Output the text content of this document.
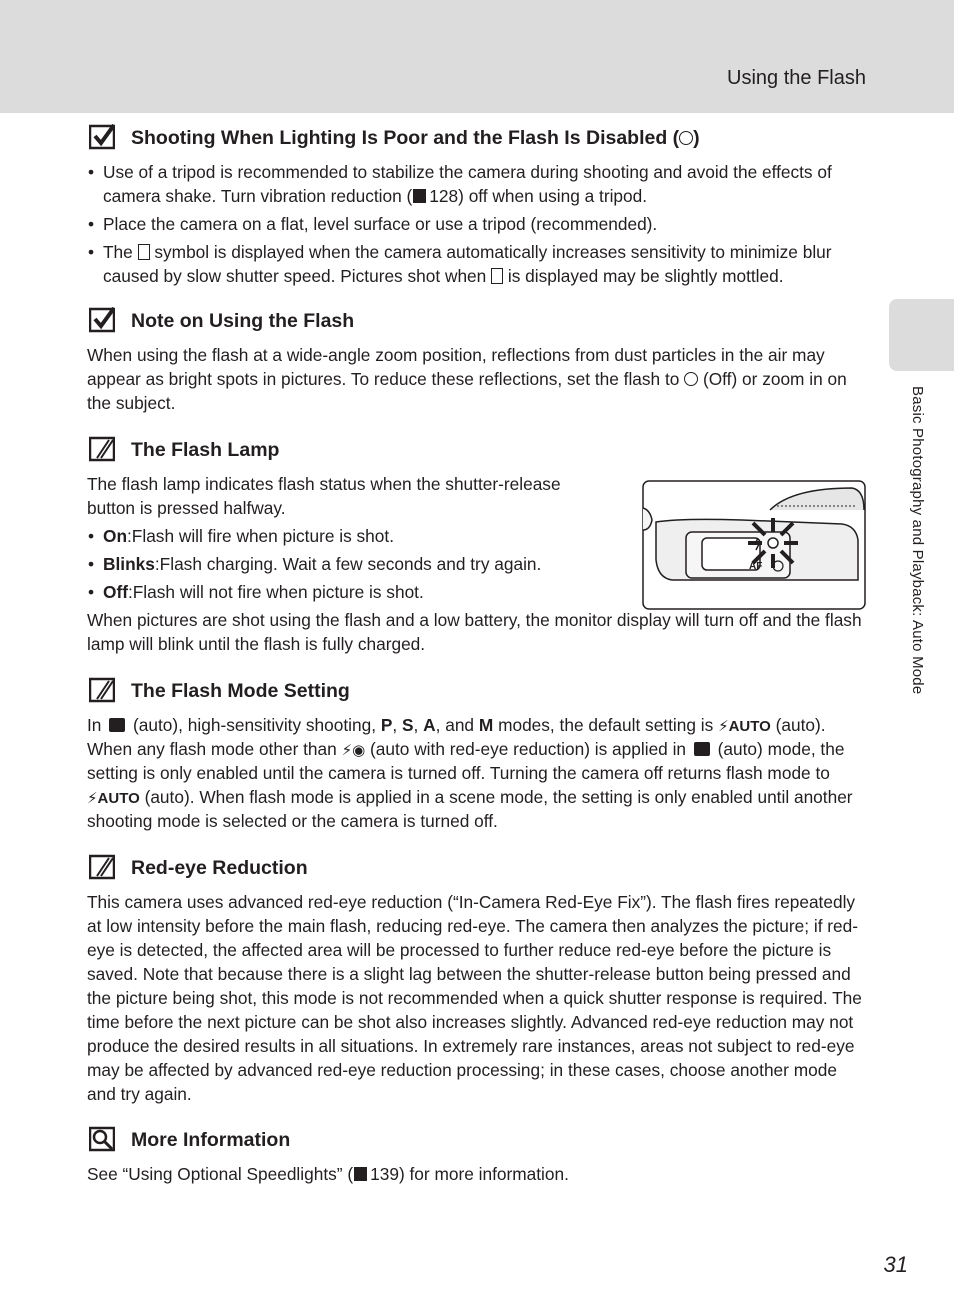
Using the Flash
Basic Photography and Playback: Auto Mode
Shooting When Lighting Is Poor and the Flash Is Disabled ( )
• Use of a tripod is recommended to stabilize the camera during shooting and avoid the effects of camera shake. Turn vibration reduction ( 128) off when using a tripod.
• Place the camera on a flat, level surface or use a tripod (recommended).
• The  symbol is displayed when the camera automatically increases sensitivity to minimize blur caused by slow shutter speed. Pictures shot when  is displayed may be slightly mottled.
Note on Using the Flash

When using the flash at a wide-angle zoom position, reflections from dust particles in the air may appear as bright spots in pictures. To reduce these reflections, set the flash to  (Off) or zoom in on the subject.

The Flash Lamp

The flash lamp indicates flash status when the shutter-release button is pressed halfway.

• On:Flash will fire when picture is shot.
• Blinks:Flash charging. Wait a few seconds and try again.
• Off:Flash will not fire when picture is shot.

When pictures are shot using the flash and a low battery, the monitor display will turn off and the flash lamp will blink until the flash is fully charged.

AF
The Flash Mode Setting

In  (auto), high-sensitivity shooting, P, S, A, and M modes, the default setting is ⚡AUTO (auto). When any flash mode other than ⚡◉ (auto with red-eye reduction) is applied in  (auto) mode, the setting is only enabled until the camera is turned off. Turning the camera off returns flash mode to ⚡AUTO (auto). When flash mode is applied in a scene mode, the setting is only enabled until another shooting mode is selected or the camera is turned off.

Red-eye Reduction

This camera uses advanced red-eye reduction (“In-Camera Red-Eye Fix”). The flash fires repeatedly at low intensity before the main flash, reducing red-eye. The camera then analyzes the picture; if red-eye is detected, the affected area will be processed to further reduce red-eye before the picture is saved. Note that because there is a slight lag between the shutter-release button being pressed and the picture being shot, this mode is not recommended when a quick shutter response is required. The time before the next picture can be shot also increases slightly. Advanced red-eye reduction may not produce the desired results in all situations. In extremely rare instances, areas not subject to red-eye may be affected by advanced red-eye reduction processing; in these cases, choose another mode and try again.

More Information

See “Using Optional Speedlights” ( 139) for more information.

31
